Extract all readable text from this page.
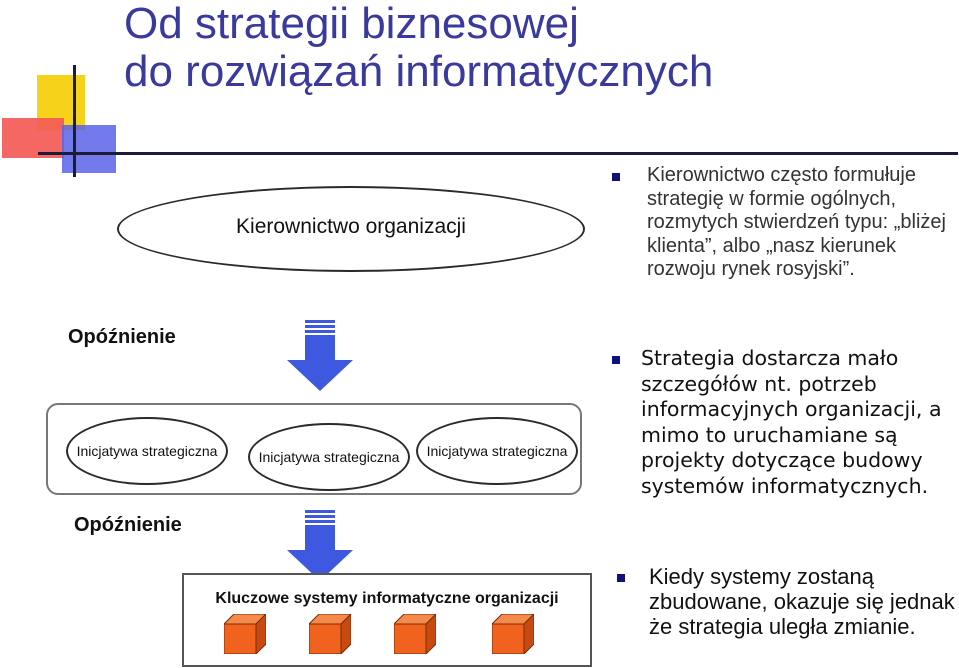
Od strategii biznesowej
do rozwiązań informatycznych
Kierownictwo organizacji
Opóźnienie
Inicjatywa strategiczna	Inicjatywa strategiczna	Inicjatywa strategiczna
Opóźnienie
Kluczowe systemy informatyczne organizacji
Kierownictwo często formułuje strategię w formie ogólnych, rozmytych stwierdzeń typu: „bliżej klienta”, albo „nasz kierunek rozwoju rynek rosyjski”.
Strategia dostarcza mało szczegółów nt. potrzeb informacyjnych organizacji, a mimo to uruchamiane są projekty dotyczące budowy systemów informatycznych.
Kiedy systemy zostaną zbudowane, okazuje się jednak że strategia uległa zmianie.
